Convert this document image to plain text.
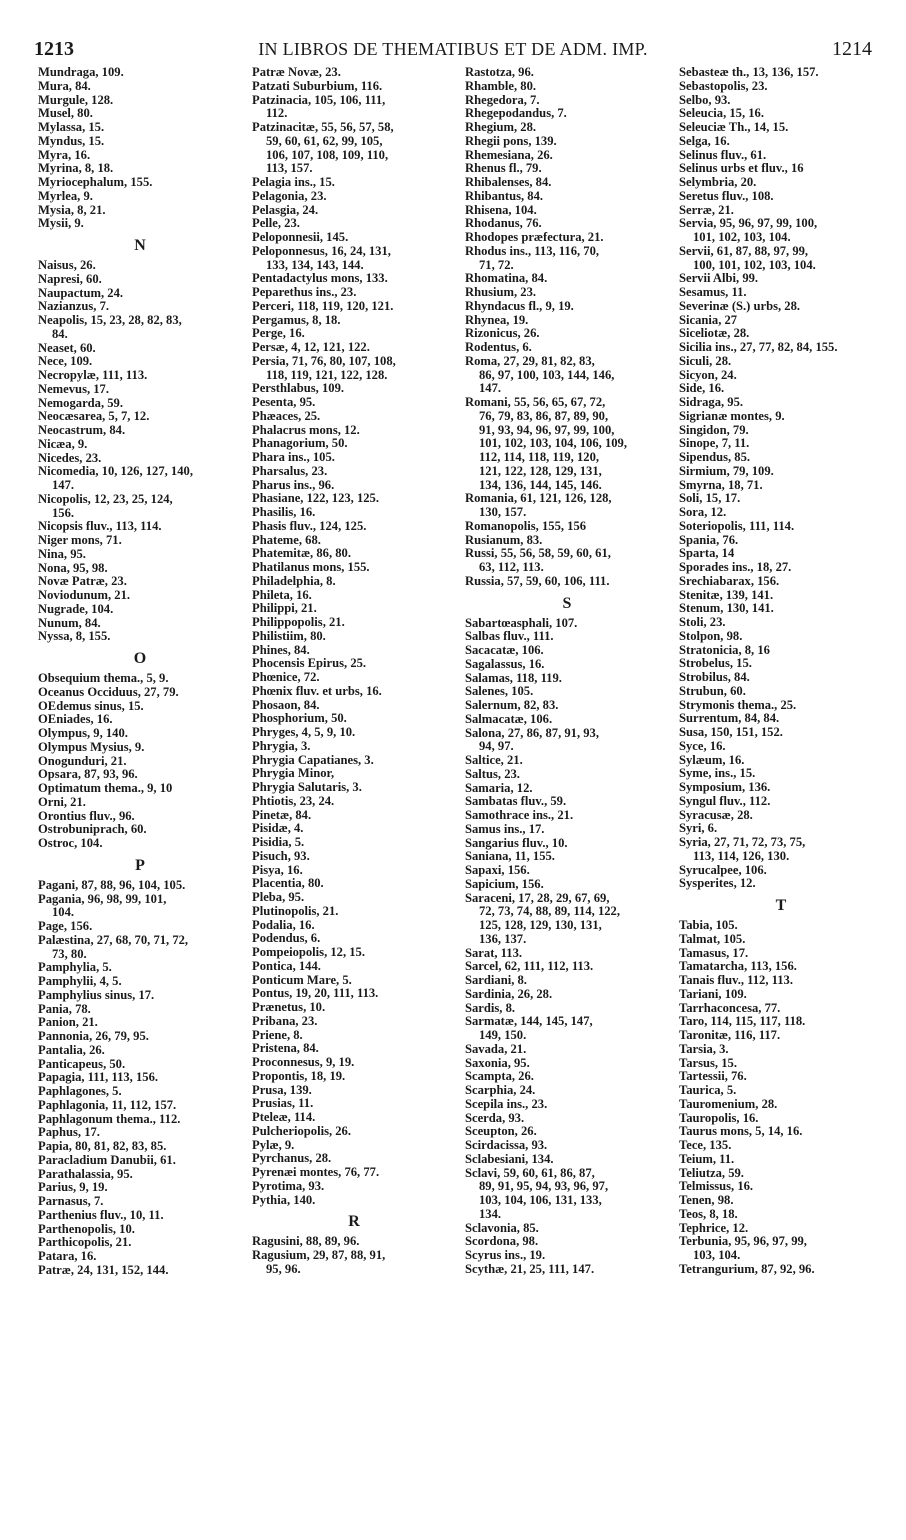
1213	IN LIBROS DE THEMATIBUS ET DE ADM. IMP.	1214
Mundraga, 109.
Mura, 84.
Murgule, 128.
Musel, 80.
Mylassa, 15.
Myndus, 15.
Myra, 16.
Myrina, 8, 18.
Myriocephalum, 155.
Myrlea, 9.
Mysia, 8, 21.
Mysii, 9.
N
Naisus, 26.
Napresi, 60.
Naupactum, 24.
Nazianzus, 7.
Neapolis, 15, 23, 28, 82, 83,
84.
Neaset, 60.
Nece, 109.
Necropylæ, 111, 113.
Nemevus, 17.
Nemogarda, 59.
Neocæsarea, 5, 7, 12.
Neocastrum, 84.
Nicæa, 9.
Nicedes, 23.
Nicomedia, 10, 126, 127, 140,
147.
Nicopolis, 12, 23, 25, 124,
156.
Nicopsis fluv., 113, 114.
Niger mons, 71.
Nina, 95.
Nona, 95, 98.
Novæ Patræ, 23.
Noviodunum, 21.
Nugrade, 104.
Nunum, 84.
Nyssa, 8, 155.
O
Obsequium thema., 5, 9.
Oceanus Occiduus, 27, 79.
OEdemus sinus, 15.
OEniades, 16.
Olympus, 9, 140.
Olympus Mysius, 9.
Onogunduri, 21.
Opsara, 87, 93, 96.
Optimatum thema., 9, 10
Orni, 21.
Orontius fluv., 96.
Ostrobuniprach, 60.
Ostroc, 104.
P
Pagani, 87, 88, 96, 104, 105.
Pagania, 96, 98, 99, 101,
104.
Page, 156.
Palæstina, 27, 68, 70, 71, 72,
73, 80.
Pamphylia, 5.
Pamphylii, 4, 5.
Pamphylius sinus, 17.
Pania, 78.
Panion, 21.
Pannonia, 26, 79, 95.
Pantalia, 26.
Panticapeus, 50.
Papagia, 111, 113, 156.
Paphlagones, 5.
Paphlagonia, 11, 112, 157.
Paphlagonum thema., 112.
Paphus, 17.
Papia, 80, 81, 82, 83, 85.
Paracladium Danubii, 61.
Parathalassia, 95.
Parius, 9, 19.
Parnasus, 7.
Parthenius fluv., 10, 11.
Parthenopolis, 10.
Parthicopolis, 21.
Patara, 16.
Patræ, 24, 131, 152, 144.
Patræ Novæ, 23.
Patzati Suburbium, 116.
Patzinacia, 105, 106, 111,
112.
Patzinacitæ, 55, 56, 57, 58,
59, 60, 61, 62, 99, 105,
106, 107, 108, 109, 110,
113, 157.
Pelagia ins., 15.
Pelagonia, 23.
Pelasgia, 24.
Pelle, 23.
Peloponnesii, 145.
Peloponnesus, 16, 24, 131,
133, 134, 143, 144.
Pentadactylus mons, 133.
Peparethus ins., 23.
Perceri, 118, 119, 120, 121.
Pergamus, 8, 18.
Perge, 16.
Persæ, 4, 12, 121, 122.
Persia, 71, 76, 80, 107, 108,
118, 119, 121, 122, 128.
Persthlabus, 109.
Pesenta, 95.
Phæaces, 25.
Phalacrus mons, 12.
Phanagorium, 50.
Phara ins., 105.
Pharsalus, 23.
Pharus ins., 96.
Phasiane, 122, 123, 125.
Phasilis, 16.
Phasis fluv., 124, 125.
Phateme, 68.
Phatemitæ, 86, 80.
Phatilanus mons, 155.
Philadelphia, 8.
Phileta, 16.
Philippi, 21.
Philippopolis, 21.
Philistiim, 80.
Phines, 84.
Phocensis Epirus, 25.
Phœnice, 72.
Phœnix fluv. et urbs, 16.
Phosaon, 84.
Phosphorium, 50.
Phryges, 4, 5, 9, 10.
Phrygia, 3.
Phrygia Capatianes, 3.
Phrygia Minor,
Phrygia Salutaris, 3.
Phtiotis, 23, 24.
Pinetæ, 84.
Pisidæ, 4.
Pisidia, 5.
Pisuch, 93.
Pisya, 16.
Placentia, 80.
Pleba, 95.
Plutinopolis, 21.
Podalia, 16.
Podendus, 6.
Pompeiopolis, 12, 15.
Pontica, 144.
Ponticum Mare, 5.
Pontus, 19, 20, 111, 113.
Prænetus, 10.
Pribana, 23.
Priene, 8.
Pristena, 84.
Proconnesus, 9, 19.
Propontis, 18, 19.
Prusa, 139.
Prusias, 11.
Pteleæ, 114.
Pulcheriopolis, 26.
Pylæ, 9.
Pyrchanus, 28.
Pyrenæi montes, 76, 77.
Pyrotima, 93.
Pythia, 140.
R
Ragusini, 88, 89, 96.
Ragusium, 29, 87, 88, 91,
95, 96.
Rastotza, 96.
Rhamble, 80.
Rhegedora, 7.
Rhegepodandus, 7.
Rhegium, 28.
Rhegii pons, 139.
Rhemesiana, 26.
Rhenus fl., 79.
Rhibalenses, 84.
Rhibantus, 84.
Rhisena, 104.
Rhodanus, 76.
Rhodopes præfectura, 21.
Rhodus ins., 113, 116, 70,
71, 72.
Rhomatina, 84.
Rhusium, 23.
Rhyndacus fl., 9, 19.
Rhynea, 19.
Rizonicus, 26.
Rodentus, 6.
Roma, 27, 29, 81, 82, 83,
86, 97, 100, 103, 144, 146,
147.
Romani, 55, 56, 65, 67, 72,
76, 79, 83, 86, 87, 89, 90,
91, 93, 94, 96, 97, 99, 100,
101, 102, 103, 104, 106, 109,
112, 114, 118, 119, 120,
121, 122, 128, 129, 131,
134, 136, 144, 145, 146.
Romania, 61, 121, 126, 128,
130, 157.
Romanopolis, 155, 156
Rusianum, 83.
Russi, 55, 56, 58, 59, 60, 61,
63, 112, 113.
Russia, 57, 59, 60, 106, 111.
S
Sabartœasphali, 107.
Salbas fluv., 111.
Sacacatæ, 106.
Sagalassus, 16.
Salamas, 118, 119.
Salenes, 105.
Salernum, 82, 83.
Salmacatæ, 106.
Salona, 27, 86, 87, 91, 93,
94, 97.
Saltice, 21.
Saltus, 23.
Samaria, 12.
Sambatas fluv., 59.
Samothrace ins., 21.
Samus ins., 17.
Sangarius fluv., 10.
Saniana, 11, 155.
Sapaxi, 156.
Sapicium, 156.
Saraceni, 17, 28, 29, 67, 69,
72, 73, 74, 88, 89, 114, 122,
125, 128, 129, 130, 131,
136, 137.
Sarat, 113.
Sarcel, 62, 111, 112, 113.
Sardiani, 8.
Sardinia, 26, 28.
Sardis, 8.
Sarmatæ, 144, 145, 147,
149, 150.
Savada, 21.
Saxonia, 95.
Scampta, 26.
Scarphia, 24.
Scepila ins., 23.
Scerda, 93.
Sceupton, 26.
Scirdacissa, 93.
Sclabesiani, 134.
Sclavi, 59, 60, 61, 86, 87,
89, 91, 95, 94, 93, 96, 97,
103, 104, 106, 131, 133,
134.
Sclavonia, 85.
Scordona, 98.
Scyrus ins., 19.
Scythæ, 21, 25, 111, 147.
Sebasteæ th., 13, 136, 157.
Sebastopolis, 23.
Selbo, 93.
Seleucia, 15, 16.
Seleuciæ Th., 14, 15.
Selga, 16.
Selinus fluv., 61.
Selinus urbs et fluv., 16
Selymbria, 20.
Seretus fluv., 108.
Serræ, 21.
Servia, 95, 96, 97, 99, 100,
101, 102, 103, 104.
Servii, 61, 87, 88, 97, 99,
100, 101, 102, 103, 104.
Servii Albi, 99.
Sesamus, 11.
Severinæ (S.) urbs, 28.
Sicania, 27
Siceliotæ, 28.
Sicilia ins., 27, 77, 82, 84, 155.
Siculi, 28.
Sicyon, 24.
Side, 16.
Sidraga, 95.
Sigrianæ montes, 9.
Singidon, 79.
Sinope, 7, 11.
Sipendus, 85.
Sirmium, 79, 109.
Smyrna, 18, 71.
Soli, 15, 17.
Sora, 12.
Soteriopolis, 111, 114.
Spania, 76.
Sparta, 14
Sporades ins., 18, 27.
Srechiabarax, 156.
Stenitæ, 139, 141.
Stenum, 130, 141.
Stoli, 23.
Stolpon, 98.
Stratonicia, 8, 16
Strobelus, 15.
Strobilus, 84.
Strubun, 60.
Strymonis thema., 25.
Surrentum, 84, 84.
Susa, 150, 151, 152.
Syce, 16.
Sylæum, 16.
Syme, ins., 15.
Symposium, 136.
Syngul fluv., 112.
Syracusæ, 28.
Syri, 6.
Syria, 27, 71, 72, 73, 75,
113, 114, 126, 130.
Syrucalpee, 106.
Sysperites, 12.
T
Tabia, 105.
Talmat, 105.
Tamasus, 17.
Tamatarcha, 113, 156.
Tanais fluv., 112, 113.
Tariani, 109.
Tarrhaconcesa, 77.
Taro, 114, 115, 117, 118.
Taronitæ, 116, 117.
Tarsia, 3.
Tarsus, 15.
Tartessii, 76.
Taurica, 5.
Tauromenium, 28.
Tauropolis, 16.
Taurus mons, 5, 14, 16.
Tece, 135.
Teium, 11.
Teliutza, 59.
Telmissus, 16.
Tenen, 98.
Teos, 8, 18.
Tephrice, 12.
Terbunia, 95, 96, 97, 99,
103, 104.
Tetrangurium, 87, 92, 96.
